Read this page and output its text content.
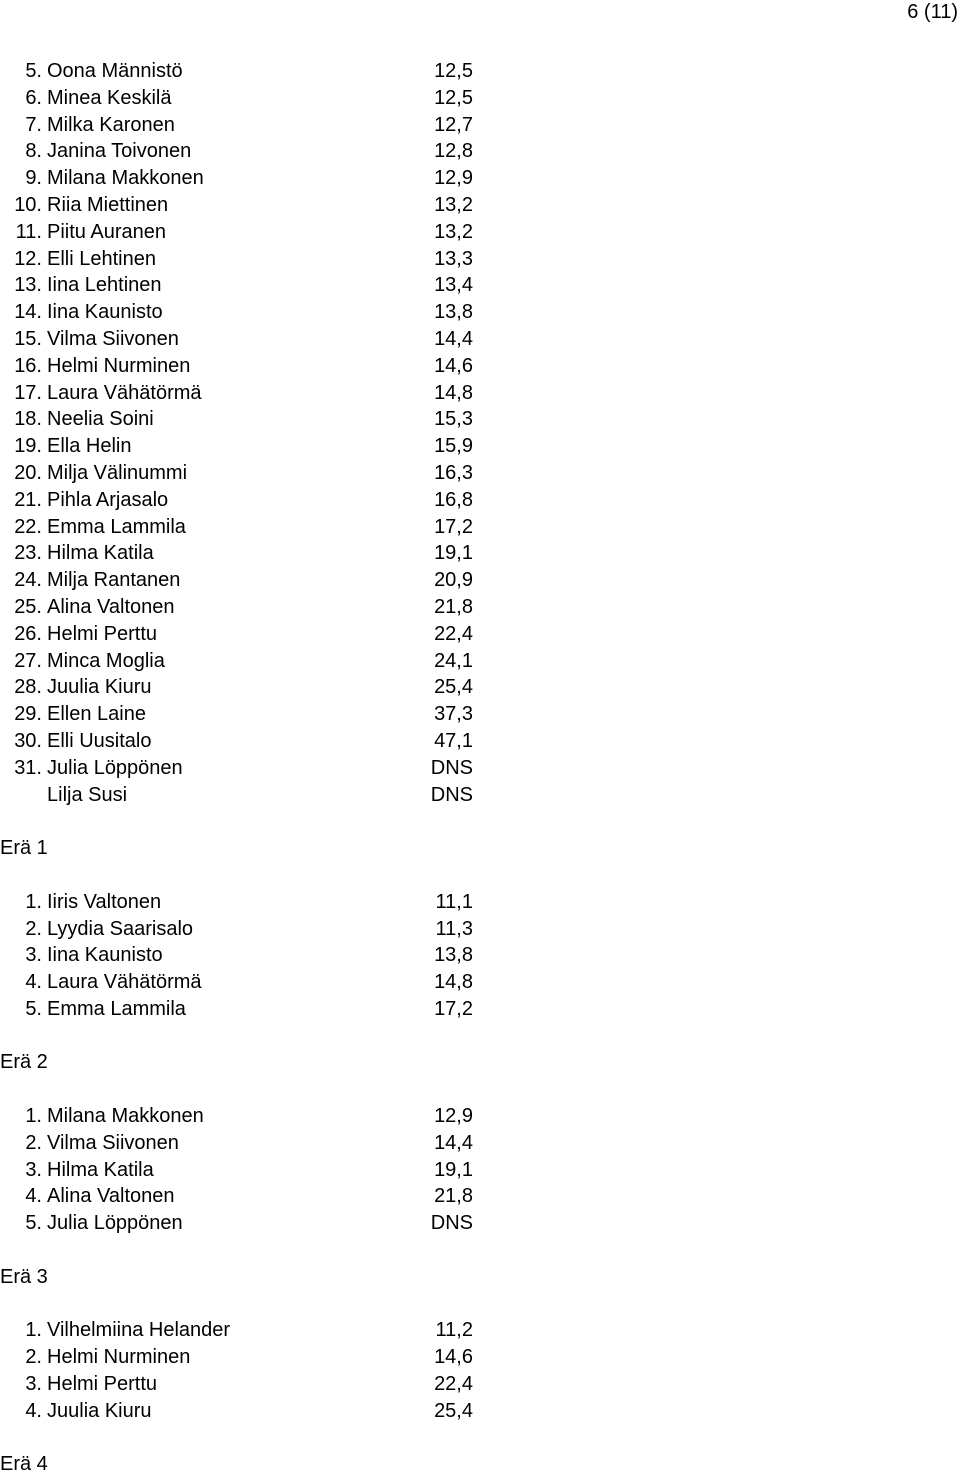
6 (11)
5. Oona Männistö	12,5
6. Minea Keskilä	12,5
7. Milka Karonen	12,7
8. Janina Toivonen	12,8
9. Milana Makkonen	12,9
10. Riia Miettinen	13,2
11. Piitu Auranen	13,2
12. Elli Lehtinen	13,3
13. Iina Lehtinen	13,4
14. Iina Kaunisto	13,8
15. Vilma Siivonen	14,4
16. Helmi Nurminen	14,6
17. Laura Vähätörmä	14,8
18. Neelia Soini	15,3
19. Ella Helin	15,9
20. Milja Välinummi	16,3
21. Pihla Arjasalo	16,8
22. Emma Lammila	17,2
23. Hilma Katila	19,1
24. Milja Rantanen	20,9
25. Alina Valtonen	21,8
26. Helmi Perttu	22,4
27. Minca Moglia	24,1
28. Juulia Kiuru	25,4
29. Ellen Laine	37,3
30. Elli Uusitalo	47,1
31. Julia Löppönen	DNS
Lilja Susi	DNS
Erä 1
1. Iiris Valtonen	11,1
2. Lyydia Saarisalo	11,3
3. Iina Kaunisto	13,8
4. Laura Vähätörmä	14,8
5. Emma Lammila	17,2
Erä 2
1. Milana Makkonen	12,9
2. Vilma Siivonen	14,4
3. Hilma Katila	19,1
4. Alina Valtonen	21,8
5. Julia Löppönen	DNS
Erä 3
1. Vilhelmiina Helander	11,2
2. Helmi Nurminen	14,6
3. Helmi Perttu	22,4
4. Juulia Kiuru	25,4
Erä 4
